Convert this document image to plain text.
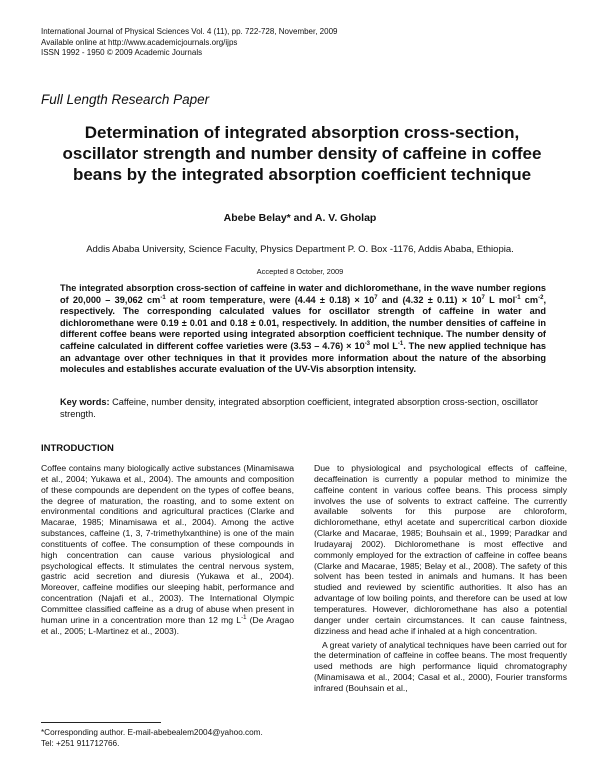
International Journal of Physical Sciences Vol. 4 (11), pp. 722-728, November, 2009
Available online at http://www.academicjournals.org/ijps
ISSN 1992 - 1950 © 2009 Academic Journals
Full Length Research Paper
Determination of integrated absorption cross-section, oscillator strength and number density of caffeine in coffee beans by the integrated absorption coefficient technique
Abebe Belay* and A. V. Gholap
Addis Ababa University, Science Faculty, Physics Department P. O. Box -1176, Addis Ababa, Ethiopia.
Accepted 8 October, 2009
The integrated absorption cross-section of caffeine in water and dichloromethane, in the wave number regions of 20,000 – 39,062 $cm^{-1}$ at room temperature, were $(4.44 \pm 0.18) \times 10^7$ and $(4.32 \pm 0.11) \times 10^7$ L mol$^{-1}$ $cm^{-2}$, respectively. The corresponding calculated values for oscillator strength of caffeine in water and dichloromethane were 0.19 ± 0.01 and 0.18 ± 0.01, respectively. In addition, the number densities of caffeine in different coffee beans were reported using integrated absorption coefficient technique. The number density of caffeine calculated in different coffee varieties were $(3.53 - 4.76) \times 10^{-3}$ mol $L^{-1}$. The new applied technique has an advantage over other techniques in that it provides more information about the nature of the absorbing molecules and establishes accurate evaluation of the UV-Vis absorption intensity.
Key words: Caffeine, number density, integrated absorption coefficient, integrated absorption cross-section, oscillator strength.
INTRODUCTION

Coffee contains many biologically active substances (Minamisawa et al., 2004; Yukawa et al., 2004). The amounts and composition of these compounds are dependent on the types of coffee beans, the degree of maturation, the roasting, and to some extent on environmental conditions and agricultural practices (Clarke and Macarae, 1985; Minamisawa et al., 2004). Among the active substances, caffeine (1, 3, 7-trimethylxanthine) is one of the main constituents of coffee. The consumption of these compounds in high concentration can cause various physiological and psychological effects. It stimulates the central nervous system, gastric acid secretion and diuresis (Yukawa et al., 2004). Moreover, caffeine modifies our sleeping habit, performance and concentration (Najafi et al., 2003). The International Olympic Committee classified caffeine as a drug of abuse when present in human urine in a concentration more than 12 mg $L^{-1}$ (De Aragao et al., 2005; L-Martinez et al., 2003).

Due to physiological and psychological effects of caffeine, decaffeination is currently a popular method to minimize the caffeine content in various coffee beans. This process simply involves the use of solvents to extract caffeine. The currently available solvents for this purpose are chloroform, dichloromethane, ethyl acetate and supercritical carbon dioxide (Clarke and Macarae, 1985; Bouhsain et al., 1999; Paradkar and Irudayaraj 2002). Dichloromethane is most effective and commonly employed for the extraction of caffeine in coffee beans (Clarke and Macarae, 1985; Belay et al., 2008). The safety of this solvent has been tested in animals and humans. It has been studied and reviewed by scientific authorities. It also has an advantage of low boiling points, and therefore can be used at low temperatures. However, dichloromethane has also a potential danger under certain circumstances. It can cause faintness, dizziness and head ache if inhaled at a high concentration.

A great variety of analytical techniques have been carried out for the determination of caffeine in coffee beans. The most frequently used methods are high performance liquid chromatography (Minamisawa et al., 2004; Casal et al., 2000), Fourier transforms infrared (Bouhsain et al.,

*Corresponding author. E-mail-abebealem2004@yahoo.com.
Tel: +251 911712766.
